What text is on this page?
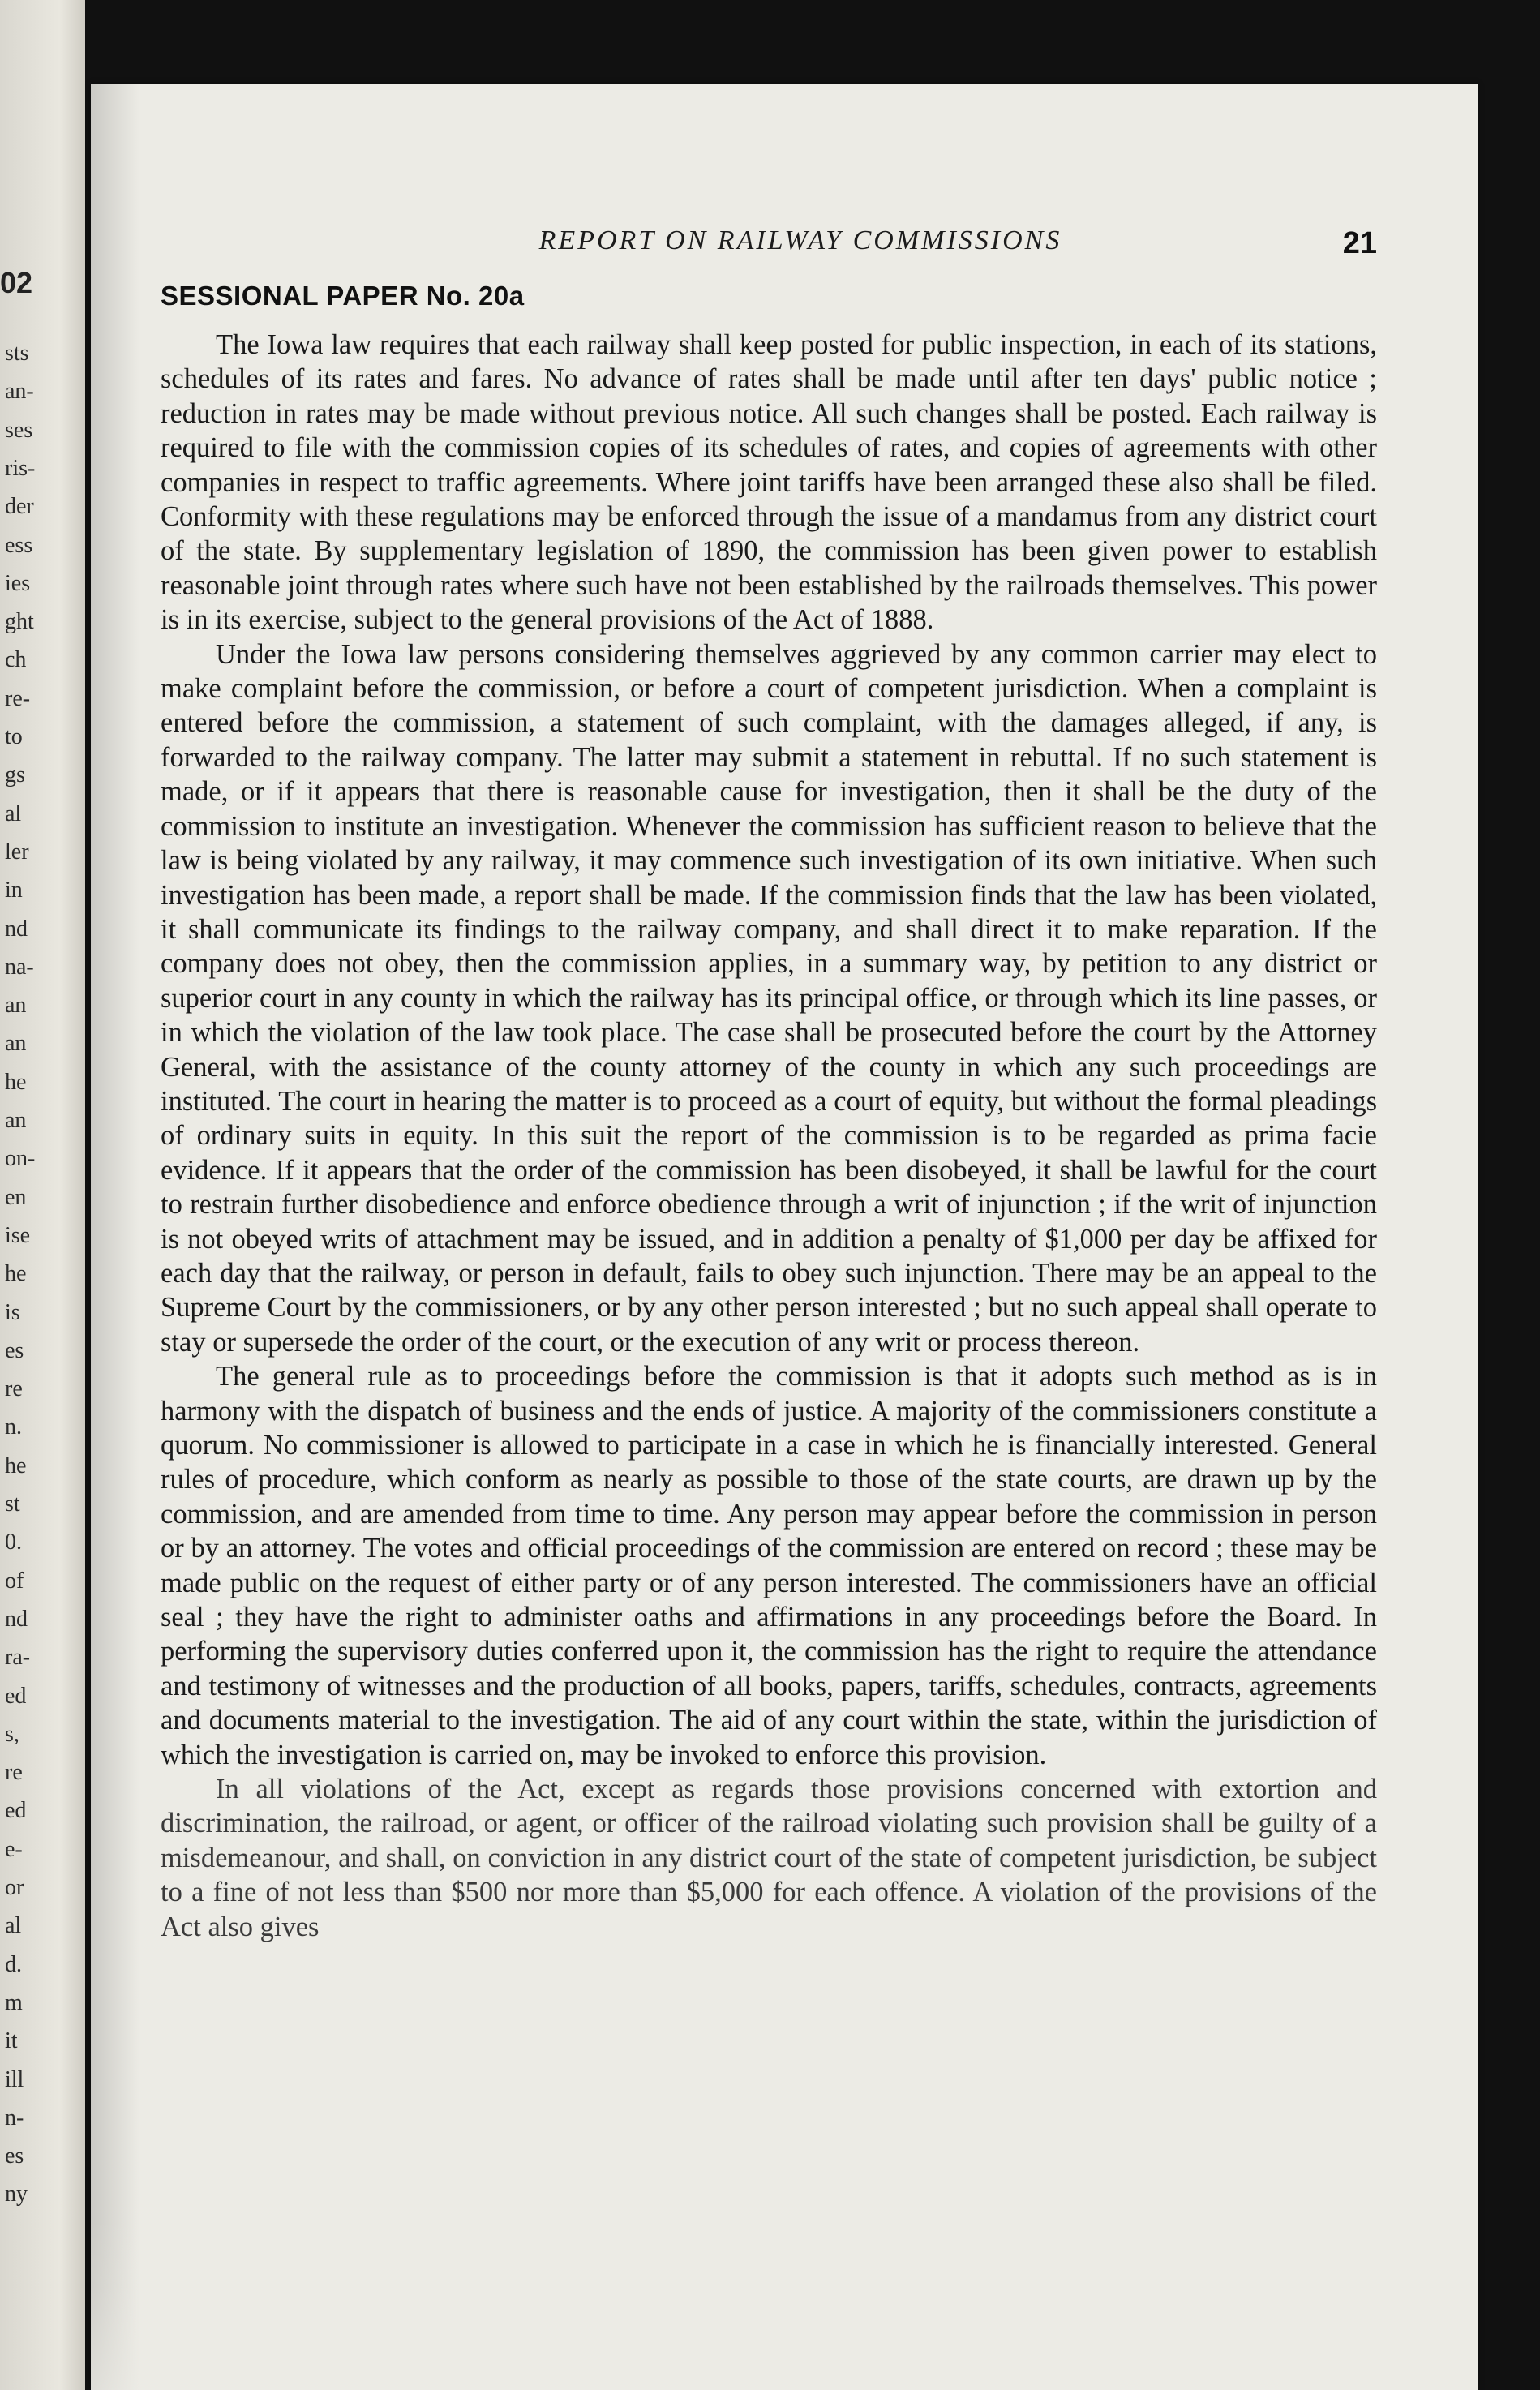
02
sts
an-
ses
ris-
der
ess
ies
ght
ch
re-
to
gs
al
ler
in
nd
na-
an
an
he
an
on-
en
ise
he
is
es
re
n.
he
st
0.
of
nd
ra-
ed
s,
re
ed
e-
or
al
d.
m
it
ill
n-
es
ny
REPORT ON RAILWAY COMMISSIONS	21
SESSIONAL PAPER No. 20a

The Iowa law requires that each railway shall keep posted for public inspection, in each of its stations, schedules of its rates and fares. No advance of rates shall be made until after ten days' public notice ; reduction in rates may be made without previous notice. All such changes shall be posted. Each railway is required to file with the commission copies of its schedules of rates, and copies of agreements with other companies in respect to traffic agreements. Where joint tariffs have been arranged these also shall be filed. Conformity with these regulations may be enforced through the issue of a mandamus from any district court of the state. By supplementary legislation of 1890, the commission has been given power to establish reasonable joint through rates where such have not been established by the railroads themselves. This power is in its exercise, subject to the general provisions of the Act of 1888.

Under the Iowa law persons considering themselves aggrieved by any common carrier may elect to make complaint before the commission, or before a court of competent jurisdiction. When a complaint is entered before the commission, a statement of such complaint, with the damages alleged, if any, is forwarded to the railway company. The latter may submit a statement in rebuttal. If no such statement is made, or if it appears that there is reasonable cause for investigation, then it shall be the duty of the commission to institute an investigation. Whenever the commission has sufficient reason to believe that the law is being violated by any railway, it may commence such investigation of its own initiative. When such investigation has been made, a report shall be made. If the commission finds that the law has been violated, it shall communicate its findings to the railway company, and shall direct it to make reparation. If the company does not obey, then the commission applies, in a summary way, by petition to any district or superior court in any county in which the railway has its principal office, or through which its line passes, or in which the violation of the law took place. The case shall be prosecuted before the court by the Attorney General, with the assistance of the county attorney of the county in which any such proceedings are instituted. The court in hearing the matter is to proceed as a court of equity, but without the formal pleadings of ordinary suits in equity. In this suit the report of the commission is to be regarded as prima facie evidence. If it appears that the order of the commission has been disobeyed, it shall be lawful for the court to restrain further disobedience and enforce obedience through a writ of injunction ; if the writ of injunction is not obeyed writs of attachment may be issued, and in addition a penalty of $1,000 per day be affixed for each day that the railway, or person in default, fails to obey such injunction. There may be an appeal to the Supreme Court by the commissioners, or by any other person interested ; but no such appeal shall operate to stay or supersede the order of the court, or the execution of any writ or process thereon.

The general rule as to proceedings before the commission is that it adopts such method as is in harmony with the dispatch of business and the ends of justice. A majority of the commissioners constitute a quorum. No commissioner is allowed to participate in a case in which he is financially interested. General rules of procedure, which conform as nearly as possible to those of the state courts, are drawn up by the commission, and are amended from time to time. Any person may appear before the commission in person or by an attorney. The votes and official proceedings of the commission are entered on record ; these may be made public on the request of either party or of any person interested. The commissioners have an official seal ; they have the right to administer oaths and affirmations in any proceedings before the Board. In performing the supervisory duties conferred upon it, the commission has the right to require the attendance and testimony of witnesses and the production of all books, papers, tariffs, schedules, contracts, agreements and documents material to the investigation. The aid of any court within the state, within the jurisdiction of which the investigation is carried on, may be invoked to enforce this provision.

In all violations of the Act, except as regards those provisions concerned with extortion and discrimination, the railroad, or agent, or officer of the railroad violating such provision shall be guilty of a misdemeanour, and shall, on conviction in any district court of the state of competent jurisdiction, be subject to a fine of not less than $500 nor more than $5,000 for each offence. A violation of the provisions of the Act also gives
